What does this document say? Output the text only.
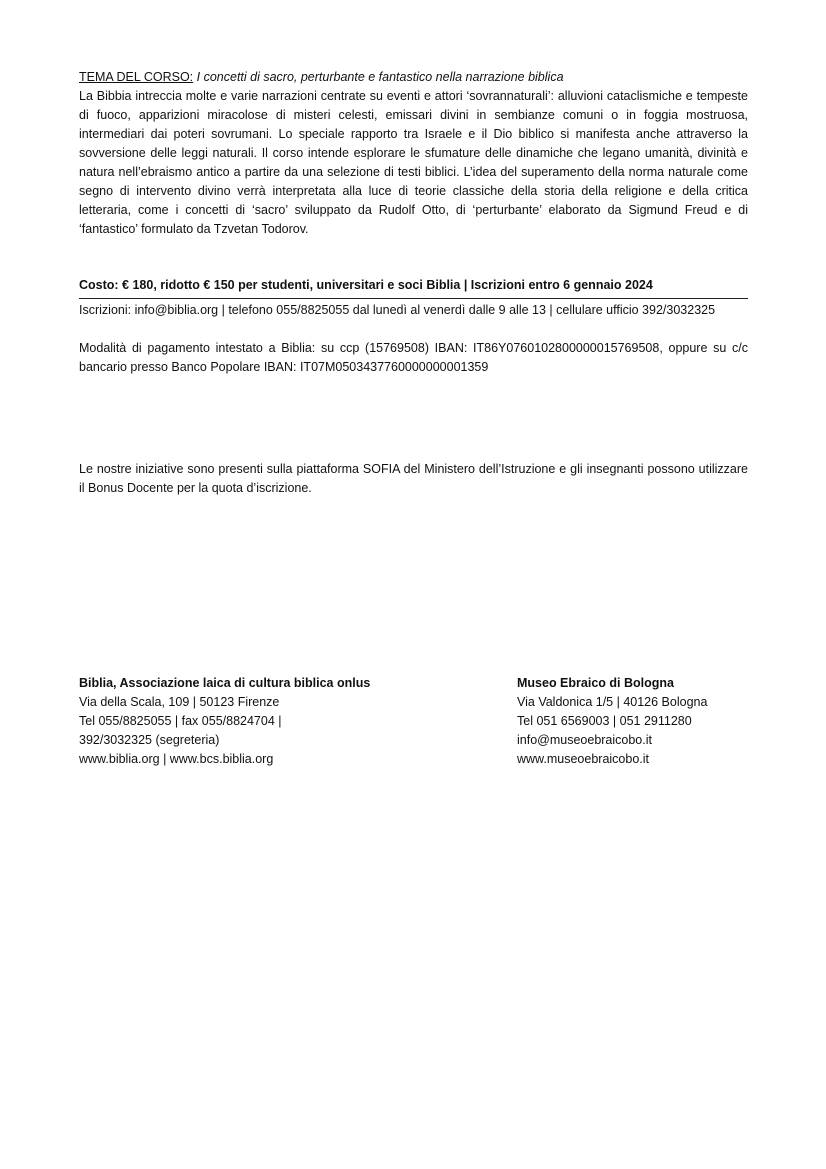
TEMA DEL CORSO: I concetti di sacro, perturbante e fantastico nella narrazione biblica

La Bibbia intreccia molte e varie narrazioni centrate su eventi e attori ‘sovrannaturali’: alluvioni cataclismiche e tempeste di fuoco, apparizioni miracolose di misteri celesti, emissari divini in sembianze comuni o in foggia mostruosa, intermediari dai poteri sovrumani. Lo speciale rapporto tra Israele e il Dio biblico si manifesta anche attraverso la sovversione delle leggi naturali. Il corso intende esplorare le sfumature delle dinamiche che legano umanità, divinità e natura nell’ebraismo antico a partire da una selezione di testi biblici. L’idea del superamento della norma naturale come segno di intervento divino verrà interpretata alla luce di teorie classiche della storia della religione e della critica letteraria, come i concetti di ‘sacro’ sviluppato da Rudolf Otto, di ‘perturbante’ elaborato da Sigmund Freud e di ‘fantastico’ formulato da Tzvetan Todorov.

Costo: € 180, ridotto € 150 per studenti, universitari e soci Biblia | Iscrizioni entro 6 gennaio 2024

Iscrizioni: info@biblia.org | telefono 055/8825055 dal lunedì al venerdì dalle 9 alle 13 | cellulare ufficio 392/3032325

Modalità di pagamento intestato a Biblia: su ccp (15769508) IBAN: IT86Y0760102800000015769508, oppure su c/c bancario presso Banco Popolare IBAN: IT07M0503437760000000001359

Le nostre iniziative sono presenti sulla piattaforma SOFIA del Ministero dell’Istruzione e gli insegnanti possono utilizzare il Bonus Docente per la quota d’iscrizione.

Biblia, Associazione laica di cultura biblica onlus
Via della Scala, 109 | 50123 Firenze
Tel 055/8825055 | fax 055/8824704 |
392/3032325 (segreteria)
www.biblia.org | www.bcs.biblia.org
Museo Ebraico di Bologna
Via Valdonica 1/5 | 40126 Bologna
Tel 051 6569003 | 051 2911280
info@museoebraicobo.it
www.museoebraicobo.it
